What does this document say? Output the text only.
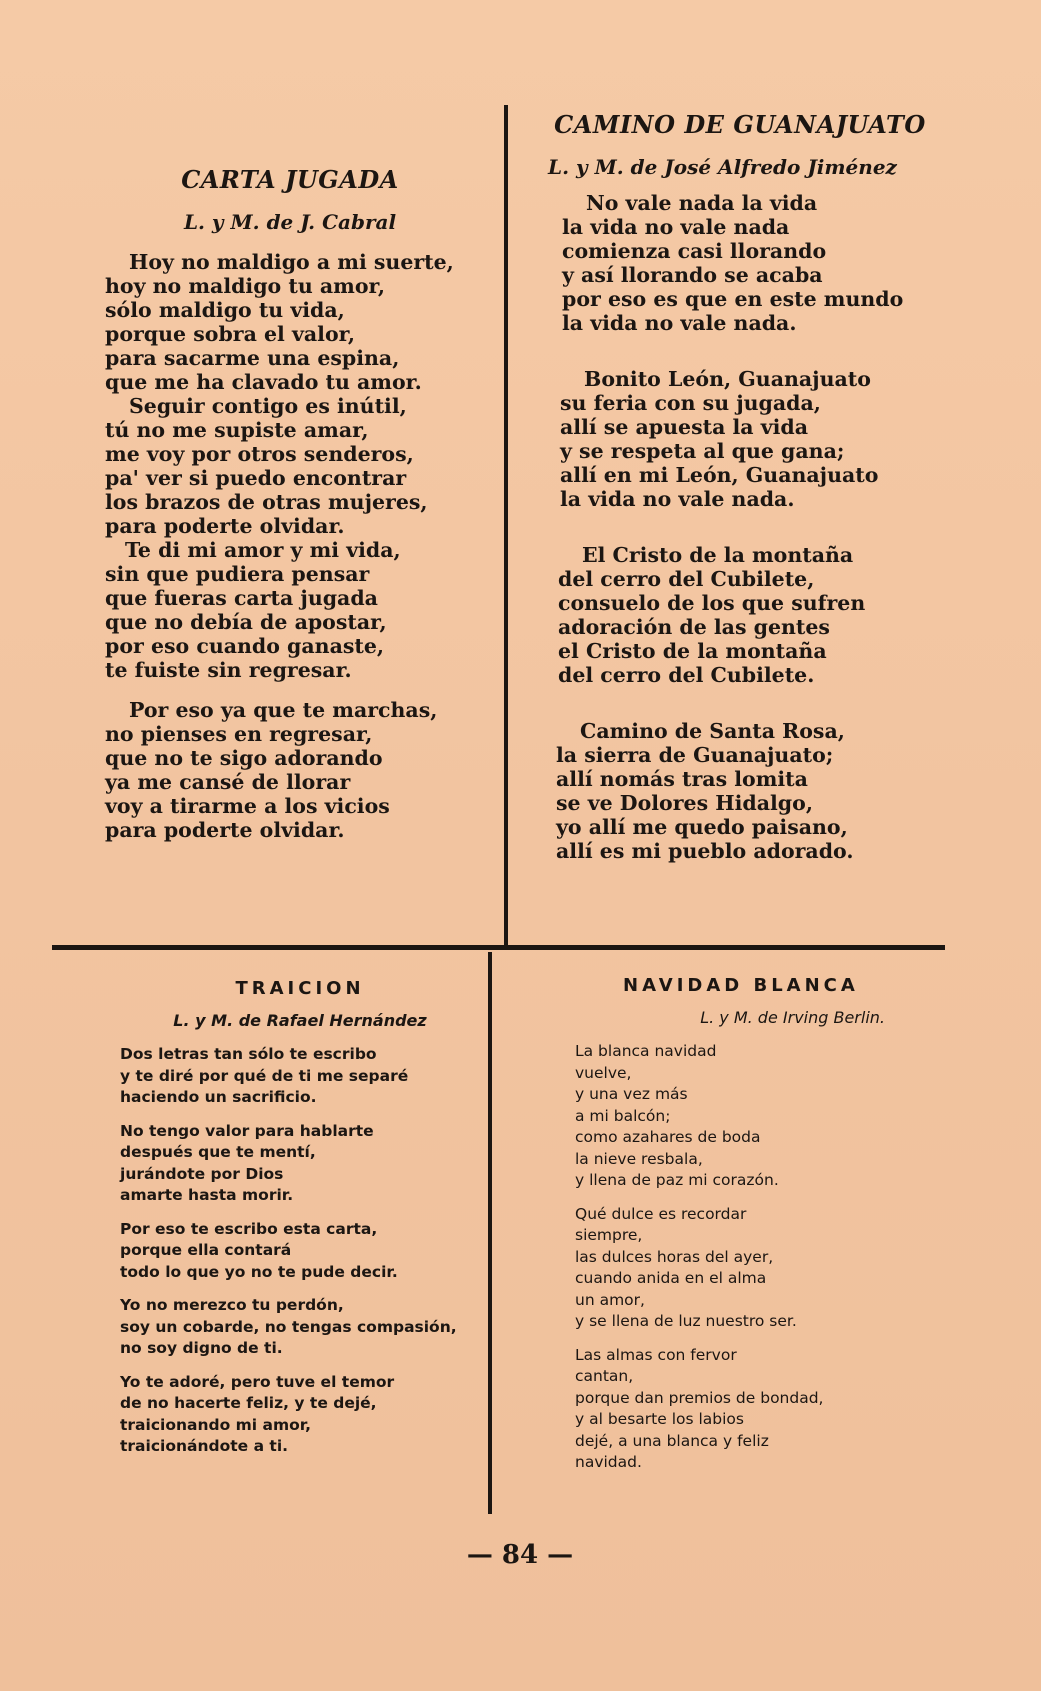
CARTA JUGADA

L. y M. de J. Cabral

Hoy no maldigo a mi suerte,
hoy no maldigo tu amor,
sólo maldigo tu vida,
porque sobra el valor,
para sacarme una espina,
que me ha clavado tu amor.

Seguir contigo es inútil,
tú no me supiste amar,
me voy por otros senderos,
pa' ver si puedo encontrar
los brazos de otras mujeres,
para poderte olvidar.

Te di mi amor y mi vida,
sin que pudiera pensar
que fueras carta jugada
que no debía de apostar,
por eso cuando ganaste,
te fuiste sin regresar.

Por eso ya que te marchas,
no pienses en regresar,
que no te sigo adorando
ya me cansé de llorar
voy a tirarme a los vicios
para poderte olvidar.

CAMINO DE GUANAJUATO

L. y M. de José Alfredo Jiménez

No vale nada la vida
la vida no vale nada
comienza casi llorando
y así llorando se acaba
por eso es que en este mundo
la vida no vale nada.

Bonito León, Guanajuato
su feria con su jugada,
allí se apuesta la vida
y se respeta al que gana;
allí en mi León, Guanajuato
la vida no vale nada.

El Cristo de la montaña
del cerro del Cubilete,
consuelo de los que sufren
adoración de las gentes
el Cristo de la montaña
del cerro del Cubilete.

Camino de Santa Rosa,
la sierra de Guanajuato;
allí nomás tras lomita
se ve Dolores Hidalgo,
yo allí me quedo paisano,
allí es mi pueblo adorado.

TRAICION

L. y M. de Rafael Hernández

Dos letras tan sólo te escribo
y te diré por qué de ti me separé
haciendo un sacrificio.

No tengo valor para hablarte
después que te mentí,
jurándote por Dios
amarte hasta morir.

Por eso te escribo esta carta,
porque ella contará
todo lo que yo no te pude decir.

Yo no merezco tu perdón,
soy un cobarde, no tengas compasión,
no soy digno de ti.

Yo te adoré, pero tuve el temor
de no hacerte feliz, y te dejé,
traicionando mi amor,
traicionándote a ti.

NAVIDAD BLANCA

L. y M. de Irving Berlin.

La blanca navidad
vuelve,
y una vez más
a mi balcón;
como azahares de boda
la nieve resbala,
y llena de paz mi corazón.

Qué dulce es recordar
siempre,
las dulces horas del ayer,
cuando anida en el alma
un amor,
y se llena de luz nuestro ser.

Las almas con fervor
cantan,
porque dan premios de bondad,
y al besarte los labios
dejé, a una blanca y feliz
navidad.

— 84 —
